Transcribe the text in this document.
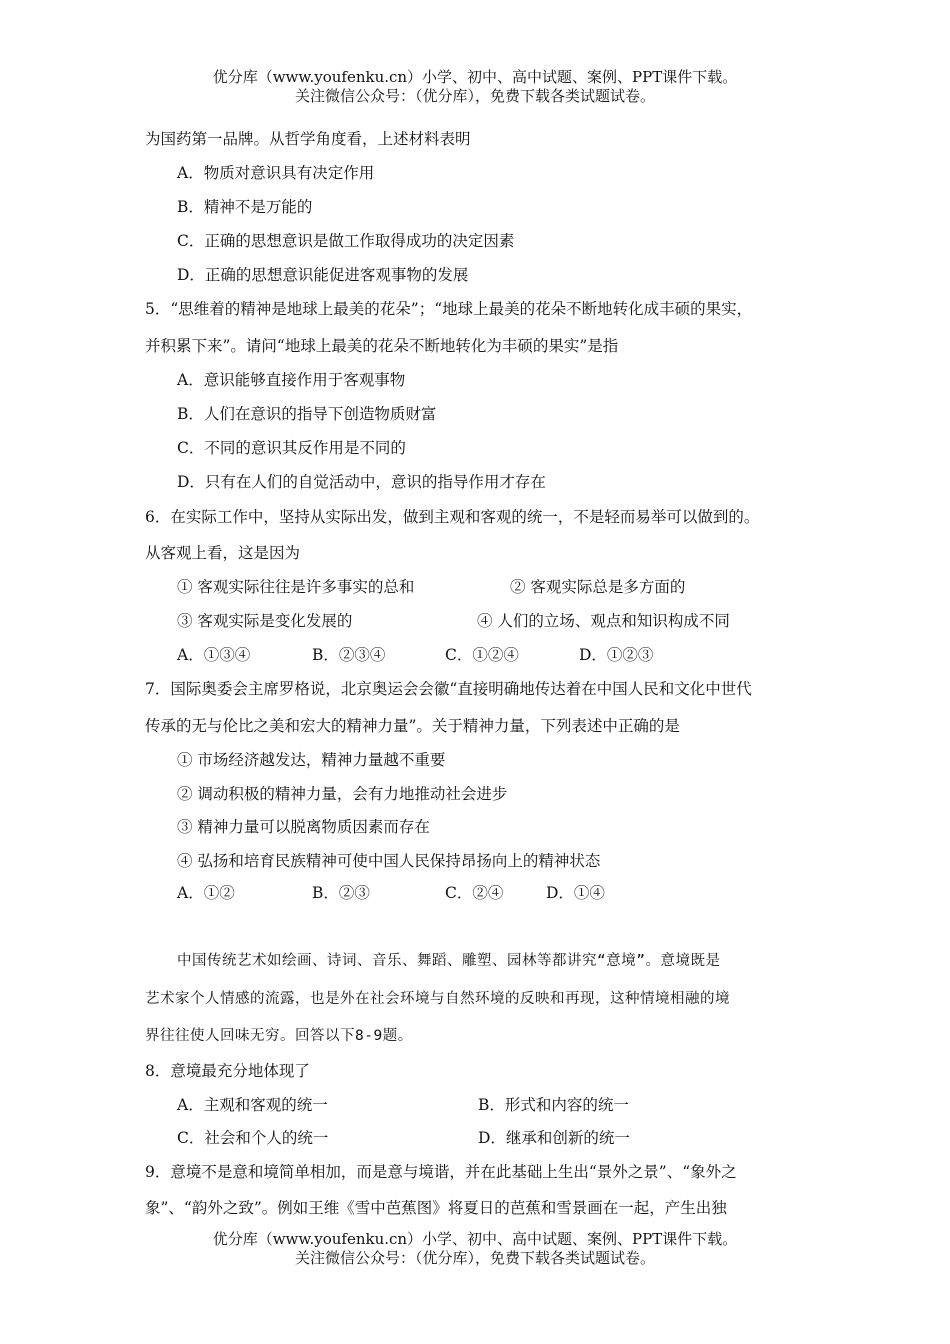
优分库（www.youfenku.cn）小学、初中、高中试题、案例、PPT课件下载。
关注微信公众号：（优分库），免费下载各类试题试卷。
为国药第一品牌。从哲学角度看，上述材料表明
A．物质对意识具有决定作用
B．精神不是万能的
C．正确的思想意识是做工作取得成功的决定因素
D．正确的思想意识能促进客观事物的发展
5．“思维着的精神是地球上最美的花朵”；“地球上最美的花朵不断地转化成丰硕的果实，
并积累下来”。请问“地球上最美的花朵不断地转化为丰硕的果实”是指
A．意识能够直接作用于客观事物
B．人们在意识的指导下创造物质财富
C．不同的意识其反作用是不同的
D．只有在人们的自觉活动中，意识的指导作用才存在
6．在实际工作中，坚持从实际出发，做到主观和客观的统一，不是轻而易举可以做到的。
从客观上看，这是因为
① 客观实际往往是许多事实的总和	② 客观实际总是多方面的
③ 客观实际是变化发展的	④ 人们的立场、观点和知识构成不同
A．①③④	B．②③④	C．①②④	D．①②③
7．国际奥委会主席罗格说，北京奥运会会徽“直接明确地传达着在中国人民和文化中世代
传承的无与伦比之美和宏大的精神力量”。关于精神力量，下列表述中正确的是
① 市场经济越发达，精神力量越不重要
② 调动积极的精神力量，会有力地推动社会进步
③ 精神力量可以脱离物质因素而存在
④ 弘扬和培育民族精神可使中国人民保持昂扬向上的精神状态
A．①②	B．②③	C．②④	D．①④
中国传统艺术如绘画、诗词、音乐、舞蹈、雕塑、园林等都讲究“意境”。意境既是
艺术家个人情感的流露，也是外在社会环境与自然环境的反映和再现，这种情境相融的境
界往往使人回味无穷。回答以下8-9题。
8．意境最充分地体现了
A．主观和客观的统一	B．形式和内容的统一
C．社会和个人的统一	D．继承和创新的统一
9．意境不是意和境简单相加，而是意与境谐，并在此基础上生出“景外之景”、“象外之
象”、“韵外之致”。例如王维《雪中芭蕉图》将夏日的芭蕉和雪景画在一起，产生出独
优分库（www.youfenku.cn）小学、初中、高中试题、案例、PPT课件下载。
关注微信公众号：（优分库），免费下载各类试题试卷。
